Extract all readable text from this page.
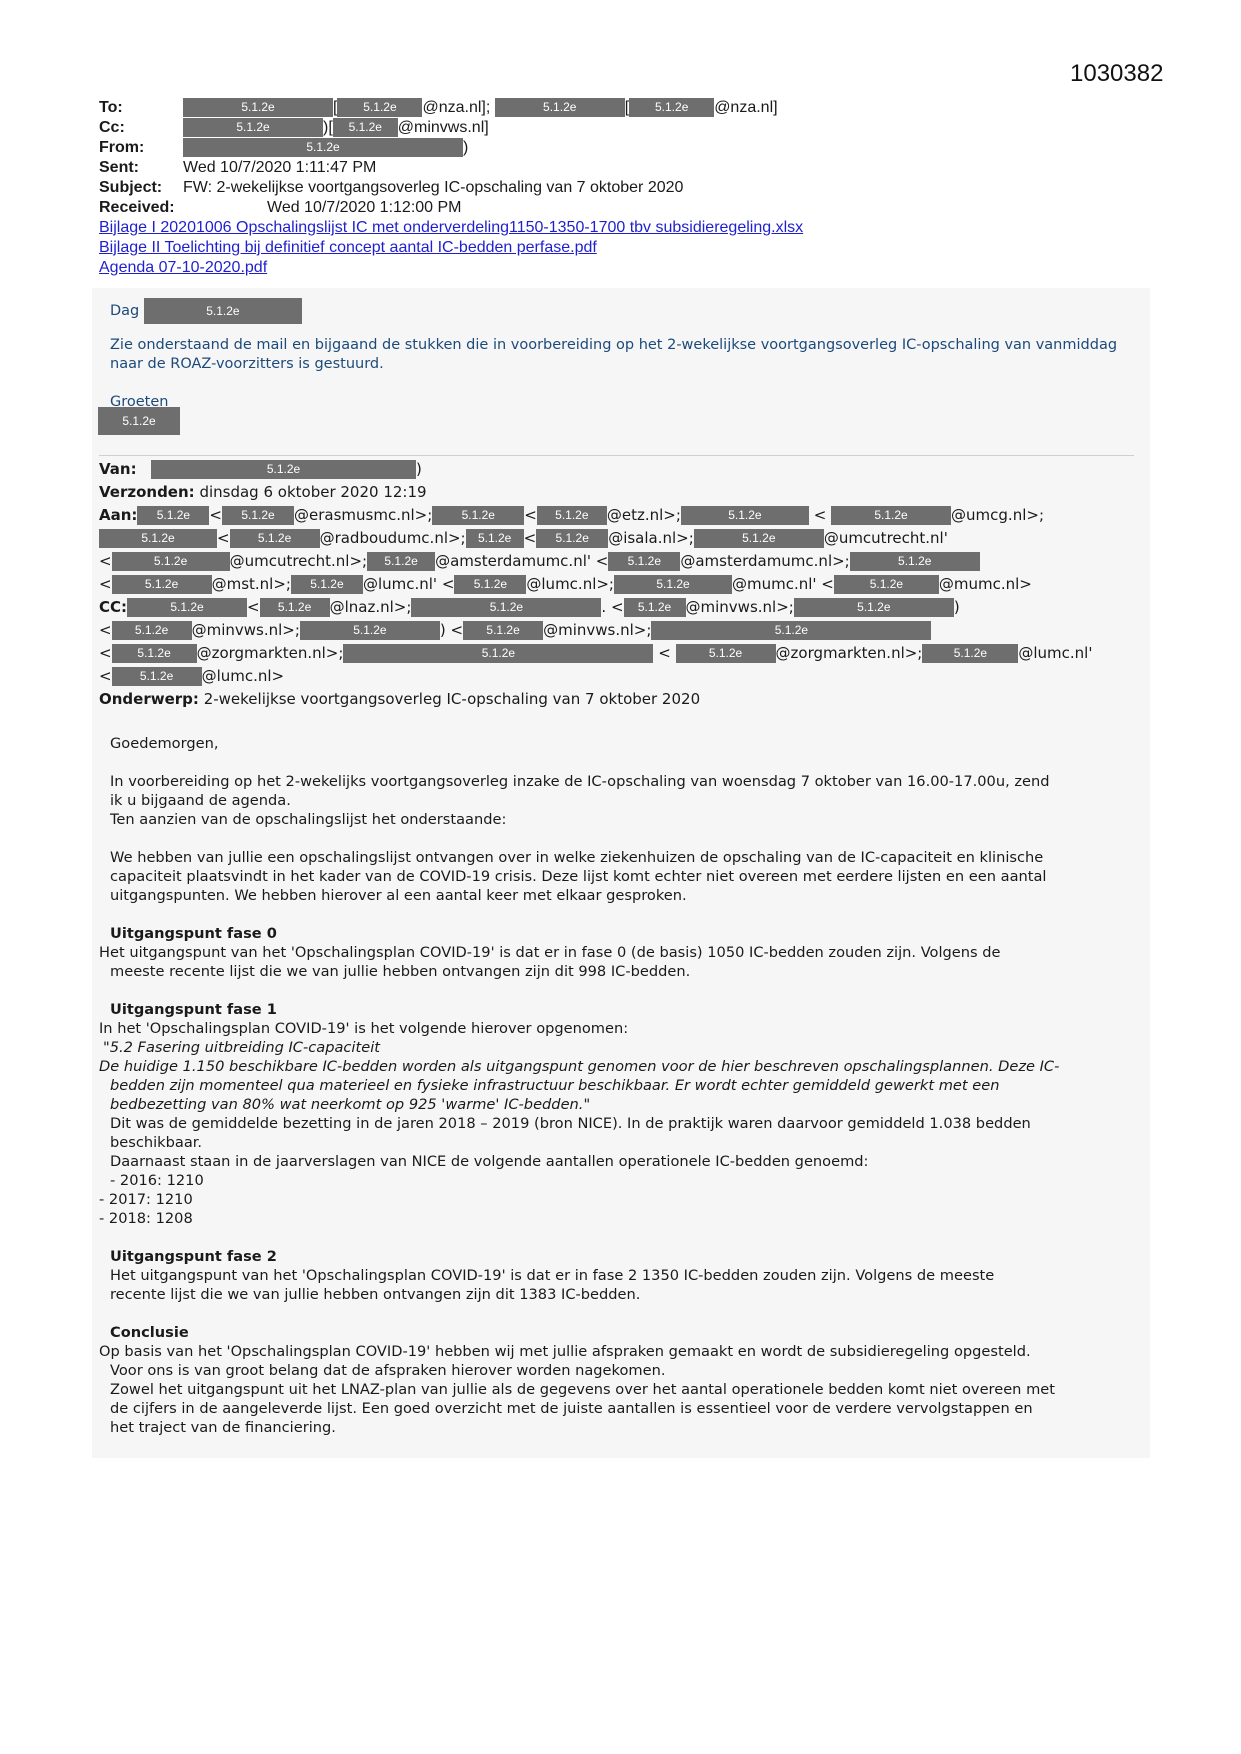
1030382
To:	5.1.2e	[ 5.1.2e @nza.nl];	5.1.2e	[ 5.1.2e @nza.nl]
Cc:	5.1.2e	)[ 5.1.2e @minvws.nl]
From:	5.1.2e	)
Sent:	Wed 10/7/2020 1:11:47 PM
Subject: FW: 2-wekelijkse voortgangsoverleg IC-opschaling van 7 oktober 2020
Received:	Wed 10/7/2020 1:12:00 PM
Bijlage I 20201006 Opschalingslijst IC met onderverdeling1150-1350-1700 tbv subsidieregeling.xlsx
Bijlage II Toelichting bij definitief concept aantal IC-bedden perfase.pdf
Agenda 07-10-2020.pdf
Dag	5.1.2e
Zie onderstaand de mail en bijgaand de stukken die in voorbereiding op het 2-wekelijkse voortgangsoverleg IC-opschaling van vanmiddag naar de ROAZ-voorzitters is gestuurd.
Groeten
5.1.2e
Van:	5.1.2e	)
Verzonden: dinsdag 6 oktober 2020 12:19
Aan: 5.1.2e < 5.1.2e @erasmusmc.nl>; 5.1.2e < 5.1.2e @etz.nl>;	5.1.2e	<	5.1.2e	@umcg.nl>;
5.1.2e	< 5.1.2e @radboudumc.nl>; 5.1.2e < 5.1.2e @isala.nl>;	5.1.2e	@umcutrecht.nl'
<	5.1.2e	@umcutrecht.nl>; 5.1.2e @amsterdamumc.nl' < 5.1.2e @amsterdamumc.nl>;	5.1.2e
<	5.1.2e @mst.nl>; 5.1.2e @lumc.nl' < 5.1.2e @lumc.nl>;	5.1.2e	@mumc.nl' <	5.1.2e @mumc.nl>
CC:	5.1.2e	< 5.1.2e @lnaz.nl>;	5.1.2e	. < 5.1.2e @minvws.nl>;	5.1.2e	)
< 5.1.2e @minvws.nl>;	5.1.2e	) < 5.1.2e @minvws.nl>;	5.1.2e
< 5.1.2e @zorgmarkten.nl>;	5.1.2e	<	5.1.2e @zorgmarkten.nl>;	5.1.2e @lumc.nl'
< 5.1.2e @lumc.nl>
Onderwerp: 2-wekelijkse voortgangsoverleg IC-opschaling van 7 oktober 2020

Goedemorgen,

In voorbereiding op het 2-wekelijks voortgangsoverleg inzake de IC-opschaling van woensdag 7 oktober van 16.00-17.00u, zend

ik u bijgaand de agenda.

Ten aanzien van de opschalingslijst het onderstaande:

We hebben van jullie een opschalingslijst ontvangen over in welke ziekenhuizen de opschaling van de IC-capaciteit en klinische

capaciteit plaatsvindt in het kader van de COVID-19 crisis. Deze lijst komt echter niet overeen met eerdere lijsten en een aantal

uitgangspunten. We hebben hierover al een aantal keer met elkaar gesproken.

Uitgangspunt fase 0

Het uitgangspunt van het 'Opschalingsplan COVID-19' is dat er in fase 0 (de basis) 1050 IC-bedden zouden zijn. Volgens de

meeste recente lijst die we van jullie hebben ontvangen zijn dit 998 IC-bedden.

Uitgangspunt fase 1

In het 'Opschalingsplan COVID-19' is het volgende hierover opgenomen:

"5.2 Fasering uitbreiding IC-capaciteit

De huidige 1.150 beschikbare IC-bedden worden als uitgangspunt genomen voor de hier beschreven opschalingsplannen. Deze IC-

bedden zijn momenteel qua materieel en fysieke infrastructuur beschikbaar. Er wordt echter gemiddeld gewerkt met een

bedbezetting van 80% wat neerkomt op 925 'warme' IC-bedden."

Dit was de gemiddelde bezetting in de jaren 2018 – 2019 (bron NICE). In de praktijk waren daarvoor gemiddeld 1.038 bedden

beschikbaar.

Daarnaast staan in de jaarverslagen van NICE de volgende aantallen operationele IC-bedden genoemd:

- 2016: 1210

- 2017: 1210

- 2018: 1208

Uitgangspunt fase 2

Het uitgangspunt van het 'Opschalingsplan COVID-19' is dat er in fase 2 1350 IC-bedden zouden zijn. Volgens de meeste

recente lijst die we van jullie hebben ontvangen zijn dit 1383 IC-bedden.

Conclusie

Op basis van het 'Opschalingsplan COVID-19' hebben wij met jullie afspraken gemaakt en wordt de subsidieregeling opgesteld.

Voor ons is van groot belang dat de afspraken hierover worden nagekomen.

Zowel het uitgangspunt uit het LNAZ-plan van jullie als de gegevens over het aantal operationele bedden komt niet overeen met

de cijfers in de aangeleverde lijst. Een goed overzicht met de juiste aantallen is essentieel voor de verdere vervolgstappen en

het traject van de financiering.
